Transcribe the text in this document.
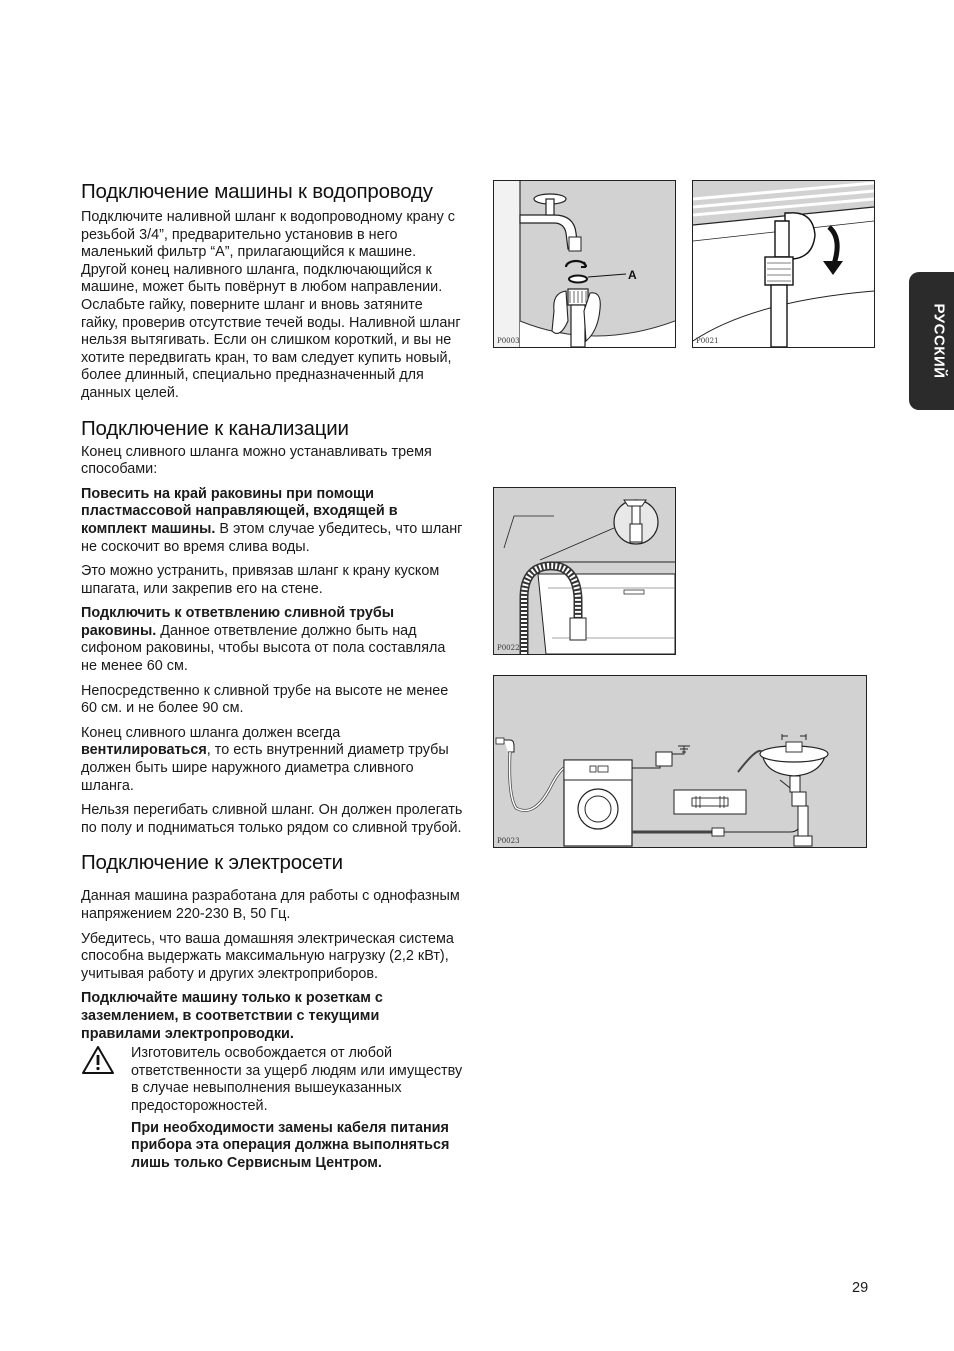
Подключение машины к водопроводу

Подключите наливной шланг к водопроводному крану с резьбой 3/4”, предварительно установив в него маленький фильтр “А”, прилагающийся к машине.

Другой конец наливного шланга, подключающийся к машине, может быть повёрнут в любом направлении. Ослабьте гайку, поверните шланг и вновь затяните гайку, проверив отсутствие течей воды. Наливной шланг нельзя вытягивать. Если он слишком короткий, и вы не хотите передвигать кран, то вам следует купить новый, более длинный, специально предназначенный для данных целей.

Подключение к канализации

Конец сливного шланга можно устанавливать тремя способами:

Повесить на край раковины при помощи пластмассовой направляющей, входящей в комплект машины. В этом случае убедитесь, что шланг не соскочит во время слива воды.

Это можно устранить, привязав шланг к крану куском шпагата, или закрепив его на стене.

Подключить к ответвлению сливной трубы раковины. Данное ответвление должно быть над сифоном раковины, чтобы высота от пола составляла не менее 60 см.

Непосредственно к сливной трубе на высоте не менее 60 см. и не более 90 см.

Конец сливного шланга должен всегда вентилироваться, то есть внутренний диаметр трубы должен быть шире наружного диаметра сливного шланга.

Нельзя перегибать сливной шланг. Он должен пролегать по полу и подниматься только рядом со сливной трубой.

Подключение к электросети

Данная машина разработана для работы с однофазным напряжением 220-230 В, 50 Гц.

Убедитесь, что ваша домашняя электрическая система способна выдержать максимальную нагрузку (2,2 кВт), учитывая работу и других электроприборов.

Подключайте машину только к розеткам с заземлением, в соответствии с текущими правилами электропроводки.

Изготовитель освобождается от любой ответственности за ущерб людям или имуществу в случае невыполнения вышеуказанных предосторожностей.

При необходимости замены кабеля питания прибора эта операция должна выполняться лишь только Сервисным Центром.

A
P0003	P0021
P0022
P0023
РУССКИЙ
29
